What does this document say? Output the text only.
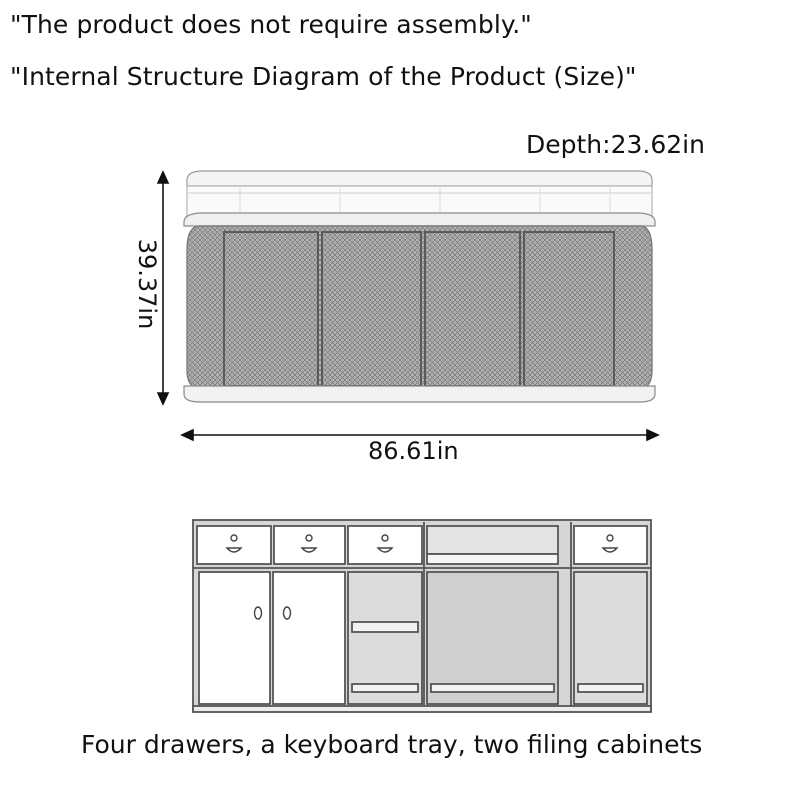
"The product does not require assembly."

"Internal Structure Diagram of the Product (Size)"

Depth:23.62in

39.37in

86.61in

Four drawers, a keyboard tray, two filing cabinets
